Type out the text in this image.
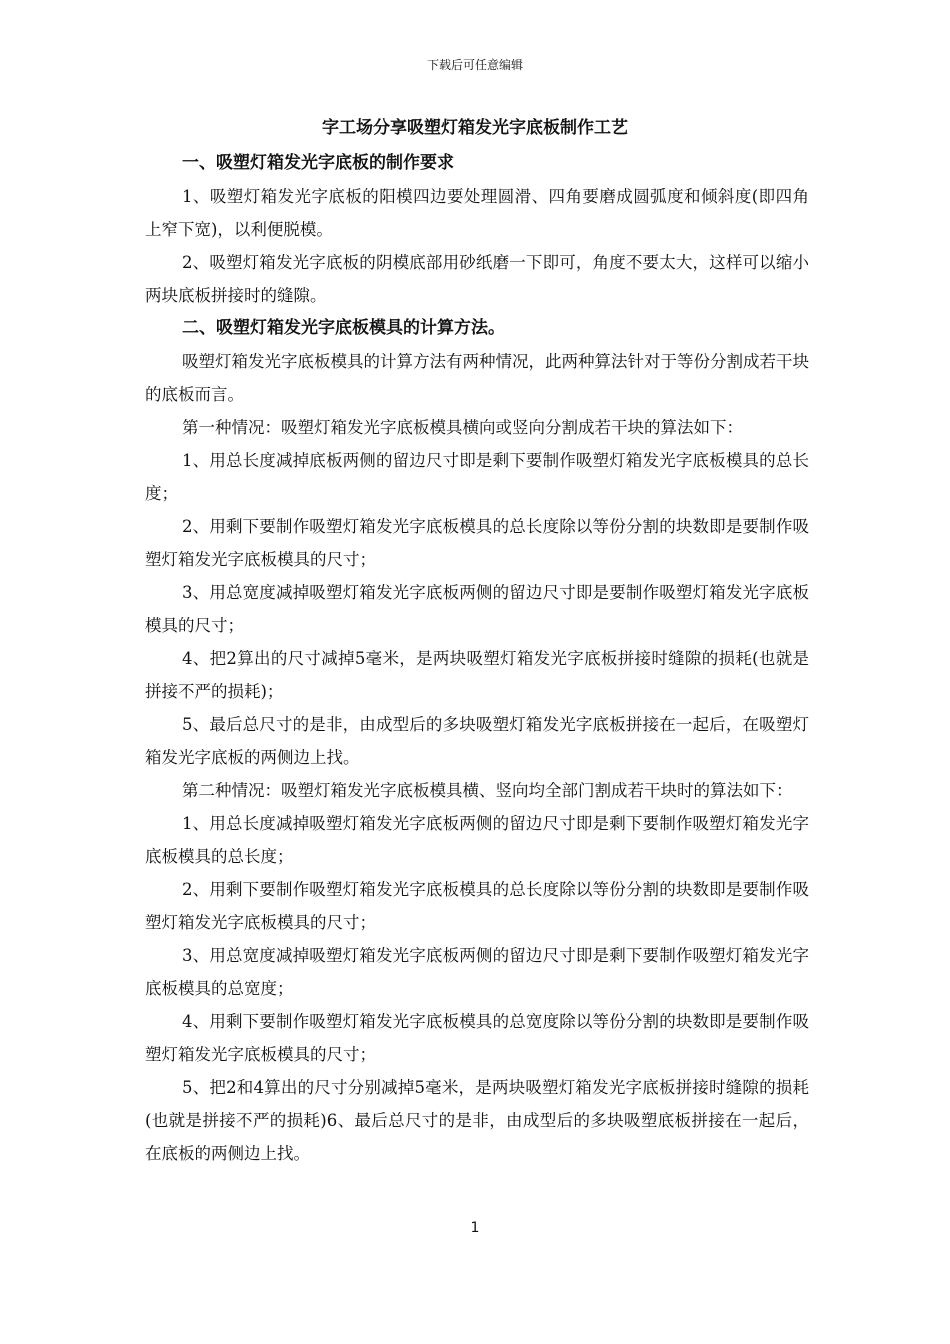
下载后可任意编辑
字工场分享吸塑灯箱发光字底板制作工艺

一、吸塑灯箱发光字底板的制作要求

1、吸塑灯箱发光字底板的阳模四边要处理圆滑、四角要磨成圆弧度和倾斜度(即四角上窄下宽)，以利便脱模。

2、吸塑灯箱发光字底板的阴模底部用砂纸磨一下即可，角度不要太大，这样可以缩小两块底板拼接时的缝隙。

二、吸塑灯箱发光字底板模具的计算方法。

吸塑灯箱发光字底板模具的计算方法有两种情况，此两种算法针对于等份分割成若干块的底板而言。

第一种情况：吸塑灯箱发光字底板模具横向或竖向分割成若干块的算法如下：

1、用总长度减掉底板两侧的留边尺寸即是剩下要制作吸塑灯箱发光字底板模具的总长度；

2、用剩下要制作吸塑灯箱发光字底板模具的总长度除以等份分割的块数即是要制作吸塑灯箱发光字底板模具的尺寸；

3、用总宽度减掉吸塑灯箱发光字底板两侧的留边尺寸即是要制作吸塑灯箱发光字底板模具的尺寸；

4、把2算出的尺寸减掉5毫米，是两块吸塑灯箱发光字底板拼接时缝隙的损耗(也就是拼接不严的损耗)；

5、最后总尺寸的是非，由成型后的多块吸塑灯箱发光字底板拼接在一起后，在吸塑灯箱发光字底板的两侧边上找。

第二种情况：吸塑灯箱发光字底板模具横、竖向均全部门割成若干块时的算法如下：

1、用总长度减掉吸塑灯箱发光字底板两侧的留边尺寸即是剩下要制作吸塑灯箱发光字底板模具的总长度；

2、用剩下要制作吸塑灯箱发光字底板模具的总长度除以等份分割的块数即是要制作吸塑灯箱发光字底板模具的尺寸；

3、用总宽度减掉吸塑灯箱发光字底板两侧的留边尺寸即是剩下要制作吸塑灯箱发光字底板模具的总宽度；

4、用剩下要制作吸塑灯箱发光字底板模具的总宽度除以等份分割的块数即是要制作吸塑灯箱发光字底板模具的尺寸；

5、把2和4算出的尺寸分别减掉5毫米，是两块吸塑灯箱发光字底板拼接时缝隙的损耗(也就是拼接不严的损耗)6、最后总尺寸的是非，由成型后的多块吸塑底板拼接在一起后，在底板的两侧边上找。

1
